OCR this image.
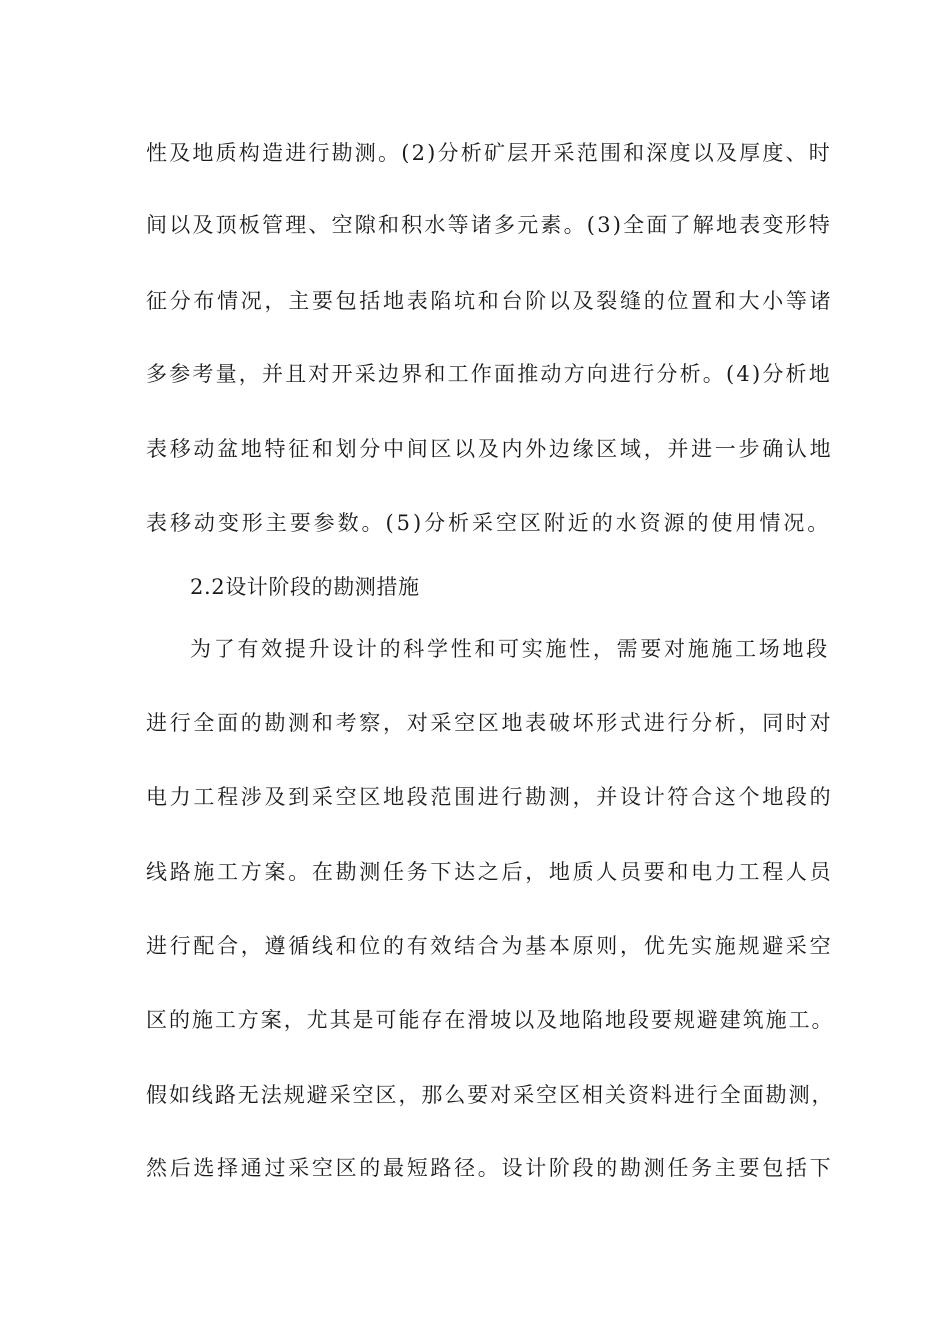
性及地质构造进行勘测。(2)分析矿层开采范围和深度以及厚度、时
间以及顶板管理、空隙和积水等诸多元素。(3)全面了解地表变形特
征分布情况，主要包括地表陷坑和台阶以及裂缝的位置和大小等诸
多参考量，并且对开采边界和工作面推动方向进行分析。(4)分析地
表移动盆地特征和划分中间区以及内外边缘区域，并进一步确认地
表移动变形主要参数。(5)分析采空区附近的水资源的使用情况。
2.2设计阶段的勘测措施
为了有效提升设计的科学性和可实施性，需要对施施工场地段
进行全面的勘测和考察，对采空区地表破坏形式进行分析，同时对
电力工程涉及到采空区地段范围进行勘测，并设计符合这个地段的
线路施工方案。在勘测任务下达之后，地质人员要和电力工程人员
进行配合，遵循线和位的有效结合为基本原则，优先实施规避采空
区的施工方案，尤其是可能存在滑坡以及地陷地段要规避建筑施工。
假如线路无法规避采空区，那么要对采空区相关资料进行全面勘测，
然后选择通过采空区的最短路径。设计阶段的勘测任务主要包括下
